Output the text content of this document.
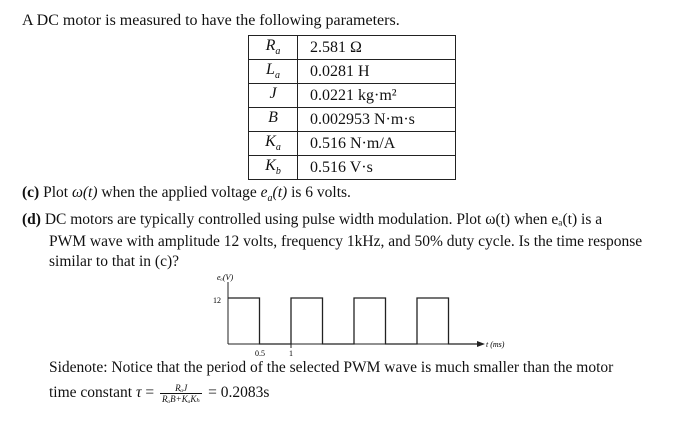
A DC motor is measured to have the following parameters.
$R_a$	2.581 Ω
$L_a$	0.0281 H
J	0.0221 kg·m²
B	0.002953 N·m·s
$K_a$	0.516 N·m/A
$K_b$	0.516 V·s
(c) Plot ω(t) when the applied voltage $e_a(t)$ is 6 volts.
(d) DC motors are typically controlled using pulse width modulation. Plot ω(t) when eₐ(t) is a
PWM wave with amplitude 12 volts, frequency 1kHz, and 50% duty cycle. Is the time response
similar to that in (c)?
eₐ(V)
12
t (ms)
0.5	1
Sidenote: Notice that the period of the selected PWM wave is much smaller than the motor
time constant $\tau = \frac{\text{RₐJ}}{\text{RₐB+KₐKₕ}} = 0.2083s$
